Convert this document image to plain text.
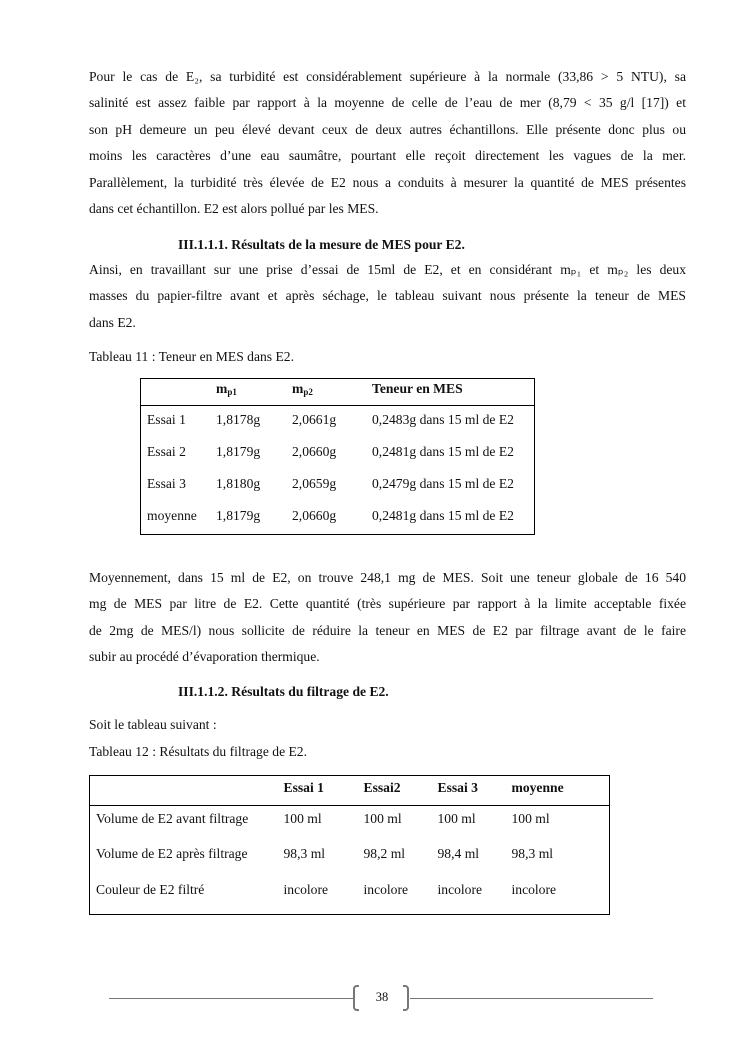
Pour le cas de E₂, sa turbidité est considérablement supérieure à la normale (33,86 > 5 NTU), sa
salinité est assez faible par rapport à la moyenne de celle de l’eau de mer (8,79 < 35 g/l [17]) et
son pH demeure un peu élevé devant ceux de deux autres échantillons. Elle présente donc plus ou
moins les caractères d’une eau saumâtre, pourtant elle reçoit directement les vagues de la mer.
Parallèlement, la turbidité très élevée de E2 nous a conduits à mesurer la quantité de MES présentes
dans cet échantillon. E2 est alors pollué par les MES.
III.1.1.1. Résultats de la mesure de MES pour E2.
Ainsi, en travaillant sur une prise d’essai de 15ml de E2, et en considérant mₚ₁ et mₚ₂ les deux
masses du papier-filtre avant et après séchage, le tableau suivant nous présente la teneur de MES
dans E2.
Tableau 11 : Teneur en MES dans E2.
	$m_{p1}$	$m_{p2}$	Teneur en MES
Essai 1	1,8178g	2,0661g	0,2483g dans 15 ml de E2
Essai 2	1,8179g	2,0660g	0,2481g dans 15 ml de E2
Essai 3	1,8180g	2,0659g	0,2479g dans 15 ml de E2
moyenne	1,8179g	2,0660g	0,2481g dans 15 ml de E2

Moyennement, dans 15 ml de E2, on trouve 248,1 mg de MES. Soit une teneur globale de 16 540
mg de MES par litre de E2. Cette quantité (très supérieure par rapport à la limite acceptable fixée
de 2mg de MES/l) nous sollicite de réduire la teneur en MES de E2 par filtrage avant de le faire
subir au procédé d’évaporation thermique.
III.1.1.2. Résultats du filtrage de E2.
Soit le tableau suivant :
Tableau 12 : Résultats du filtrage de E2.
	Essai 1	Essai2	Essai 3	moyenne
Volume de E2 avant filtrage	100 ml	100 ml	100 ml	100 ml
Volume de E2 après filtrage	98,3 ml	98,2 ml	98,4 ml	98,3 ml
Couleur de E2 filtré	incolore	incolore	incolore	incolore

38
